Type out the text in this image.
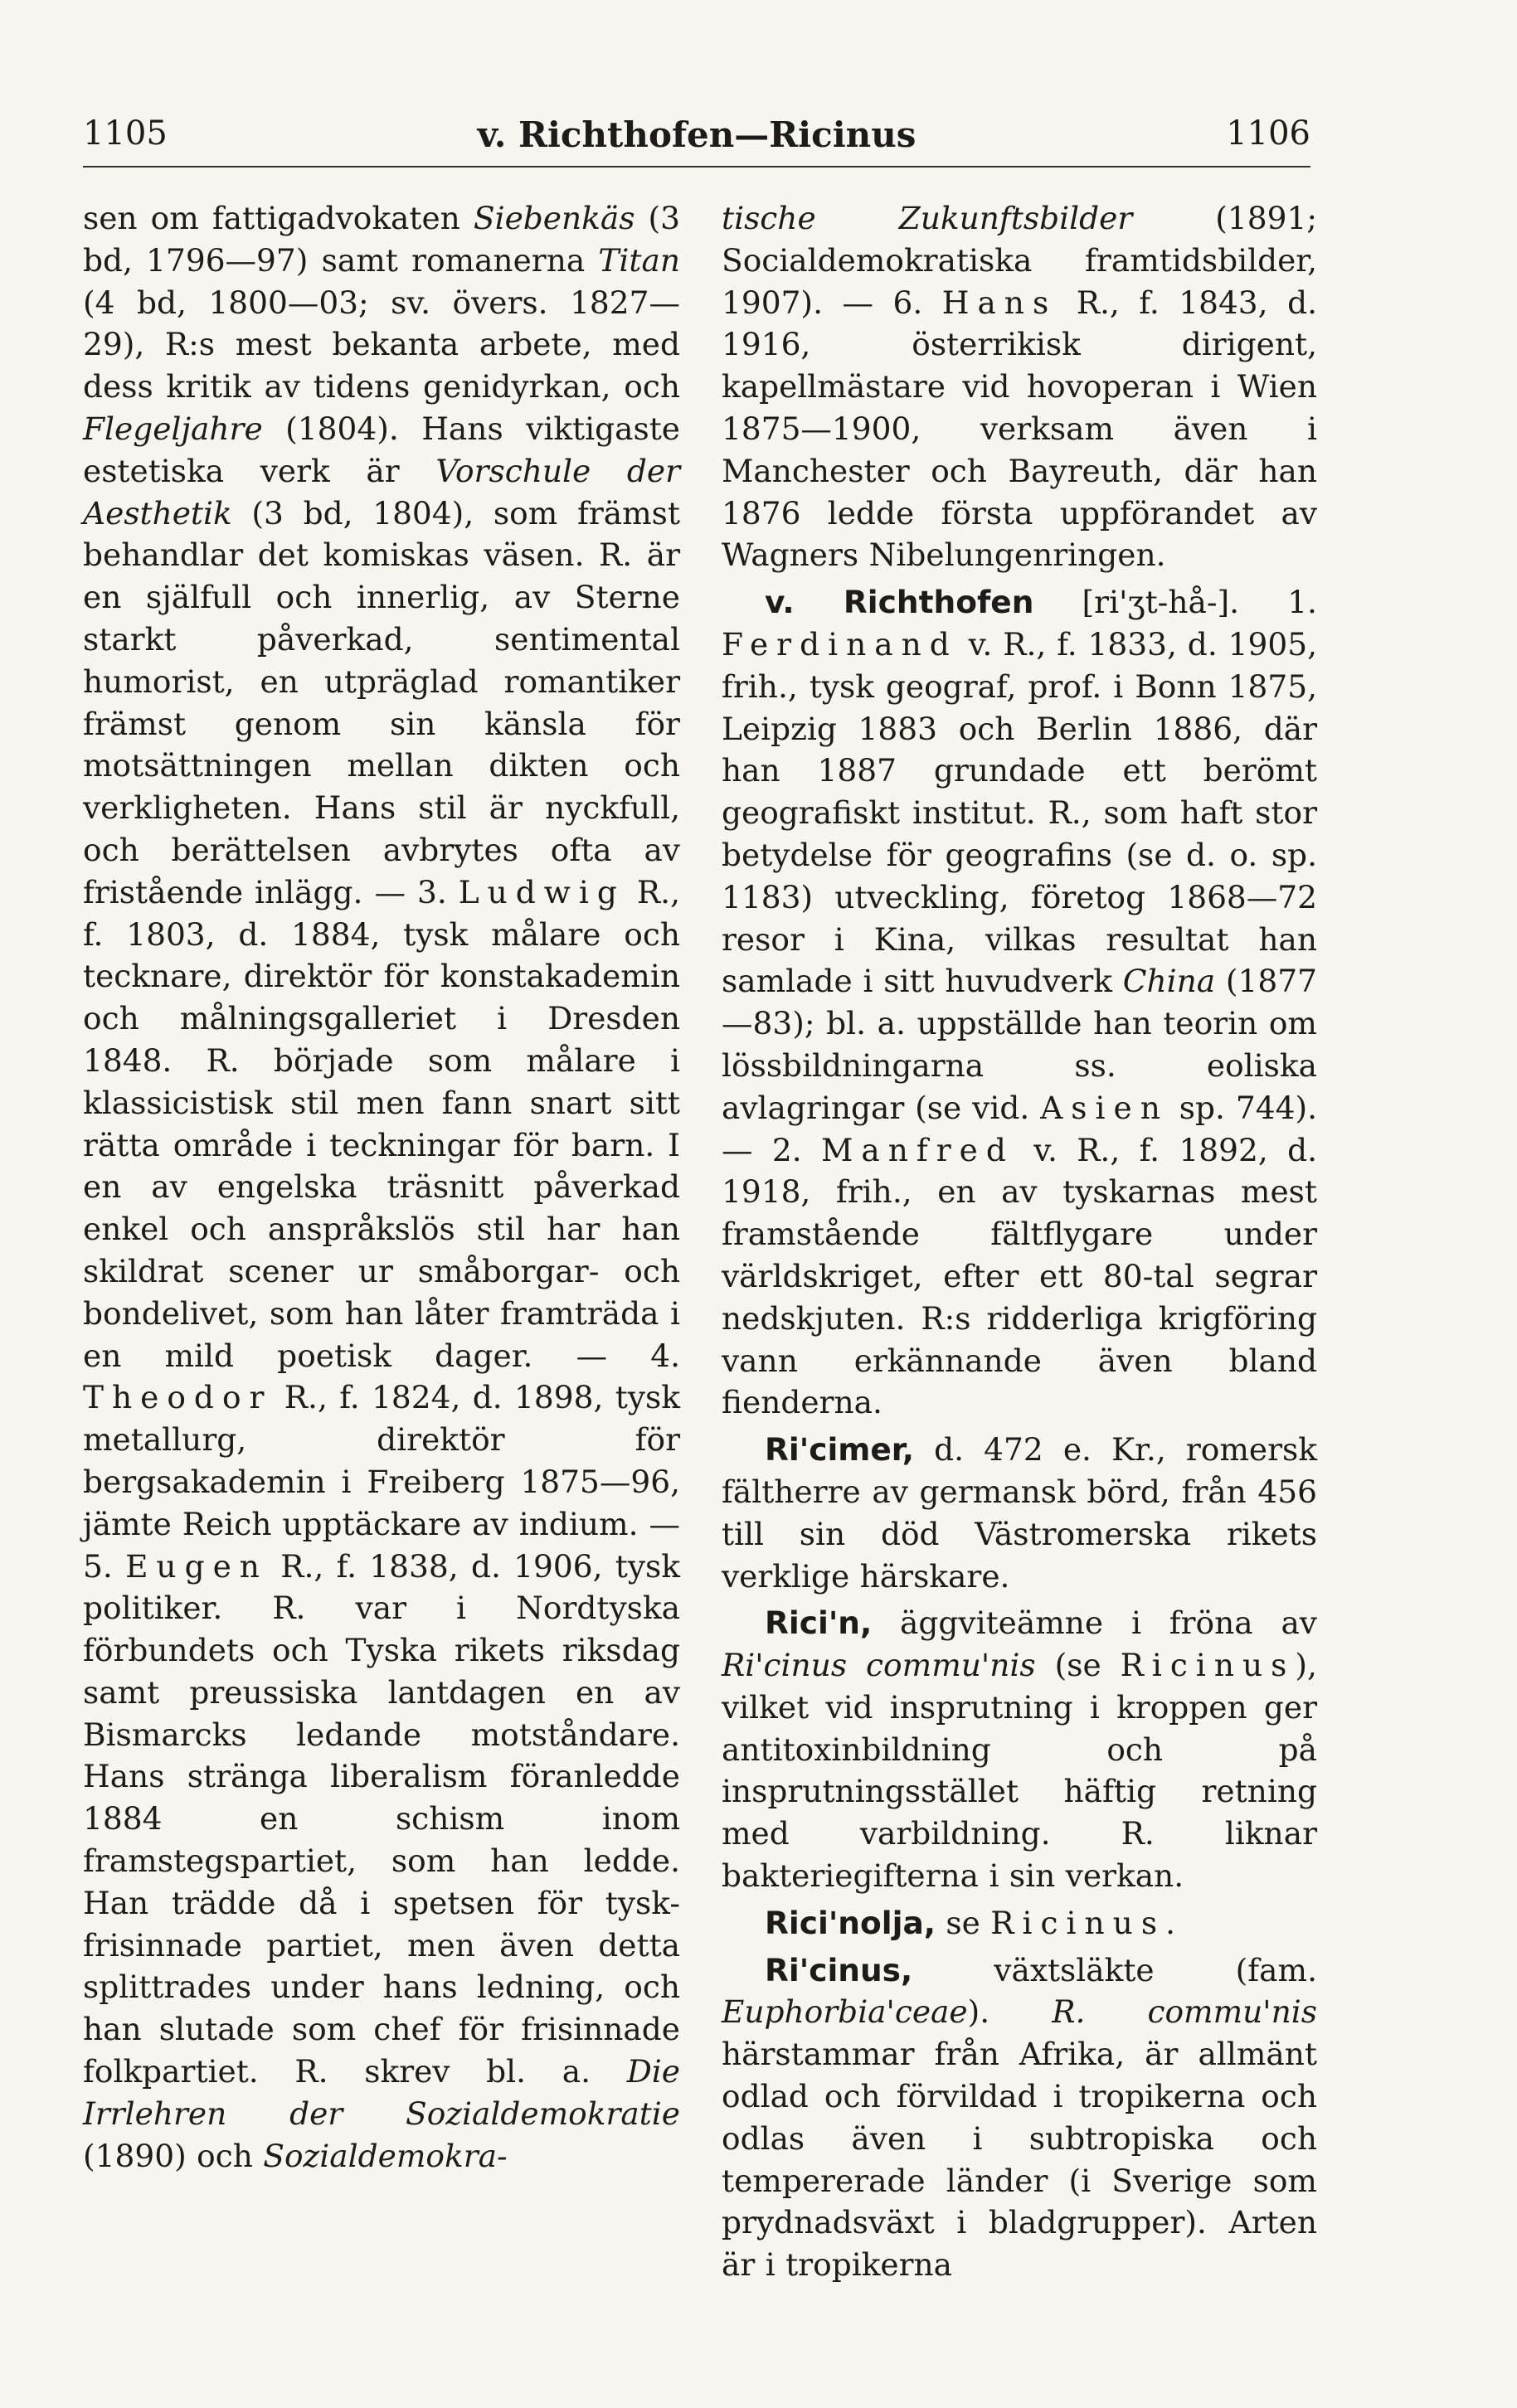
1105	v. Richthofen—Ricinus	1106

sen om fattigadvokaten Siebenkäs (3 bd, 1796—97) samt romanerna Titan (4 bd, 1800—03; sv. övers. 1827—29), R:s mest bekanta arbete, med dess kritik av tidens genidyrkan, och Flegeljahre (1804). Hans viktigaste estetiska verk är Vorschule der Aesthetik (3 bd, 1804), som främst behandlar det komiskas väsen. R. är en själfull och innerlig, av Sterne starkt påverkad, sentimental humorist, en utpräglad romantiker främst genom sin känsla för motsättningen mellan dikten och verkligheten. Hans stil är nyckfull, och berättelsen avbrytes ofta av fristående inlägg. — 3. Ludwig R., f. 1803, d. 1884, tysk målare och tecknare, direktör för konstakademin och målningsgalleriet i Dresden 1848. R. började som målare i klassicistisk stil men fann snart sitt rätta område i teckningar för barn. I en av engelska träsnitt påverkad enkel och anspråkslös stil har han skildrat scener ur småborgar- och bondelivet, som han låter framträda i en mild poetisk dager. — 4. Theodor R., f. 1824, d. 1898, tysk metallurg, direktör för bergsakademin i Freiberg 1875—96, jämte Reich upptäckare av indium. — 5. Eugen R., f. 1838, d. 1906, tysk politiker. R. var i Nordtyska förbundets och Tyska rikets riksdag samt preussiska lantdagen en av Bismarcks ledande motståndare. Hans stränga liberalism föranledde 1884 en schism inom framstegspartiet, som han ledde. Han trädde då i spetsen för tysk-frisinnade partiet, men även detta splittrades under hans ledning, och han slutade som chef för frisinnade folkpartiet. R. skrev bl. a. Die Irrlehren der Sozialdemokratie (1890) och Sozialdemokra-

tische Zukunftsbilder (1891; Socialdemokratiska framtidsbilder, 1907). — 6. Hans R., f. 1843, d. 1916, österrikisk dirigent, kapellmästare vid hovoperan i Wien 1875—1900, verksam även i Manchester och Bayreuth, där han 1876 ledde första uppförandet av Wagners Nibelungenringen.

v. Richthofen [ri'ʒt-hå-]. 1. Ferdinand v. R., f. 1833, d. 1905, frih., tysk geograf, prof. i Bonn 1875, Leipzig 1883 och Berlin 1886, där han 1887 grundade ett berömt geografiskt institut. R., som haft stor betydelse för geografins (se d. o. sp. 1183) utveckling, företog 1868—72 resor i Kina, vilkas resultat han samlade i sitt huvudverk China (1877—83); bl. a. uppställde han teorin om lössbildningarna ss. eoliska avlagringar (se vid. Asien sp. 744). — 2. Manfred v. R., f. 1892, d. 1918, frih., en av tyskarnas mest framstående fältflygare under världskriget, efter ett 80-tal segrar nedskjuten. R:s ridderliga krigföring vann erkännande även bland fienderna.

Ri'cimer, d. 472 e. Kr., romersk fältherre av germansk börd, från 456 till sin död Västromerska rikets verklige härskare.

Rici'n, äggviteämne i fröna av Ri'cinus commu'nis (se Ricinus), vilket vid insprutning i kroppen ger antitoxinbildning och på insprutningsstället häftig retning med varbildning. R. liknar bakteriegifterna i sin verkan.

Rici'nolja, se Ricinus.

Ri'cinus, växtsläkte (fam. Euphorbia'ceae). R. commu'nis härstammar från Afrika, är allmänt odlad och förvildad i tropikerna och odlas även i subtropiska och tempererade länder (i Sverige som prydnadsväxt i bladgrupper). Arten är i tropikerna
